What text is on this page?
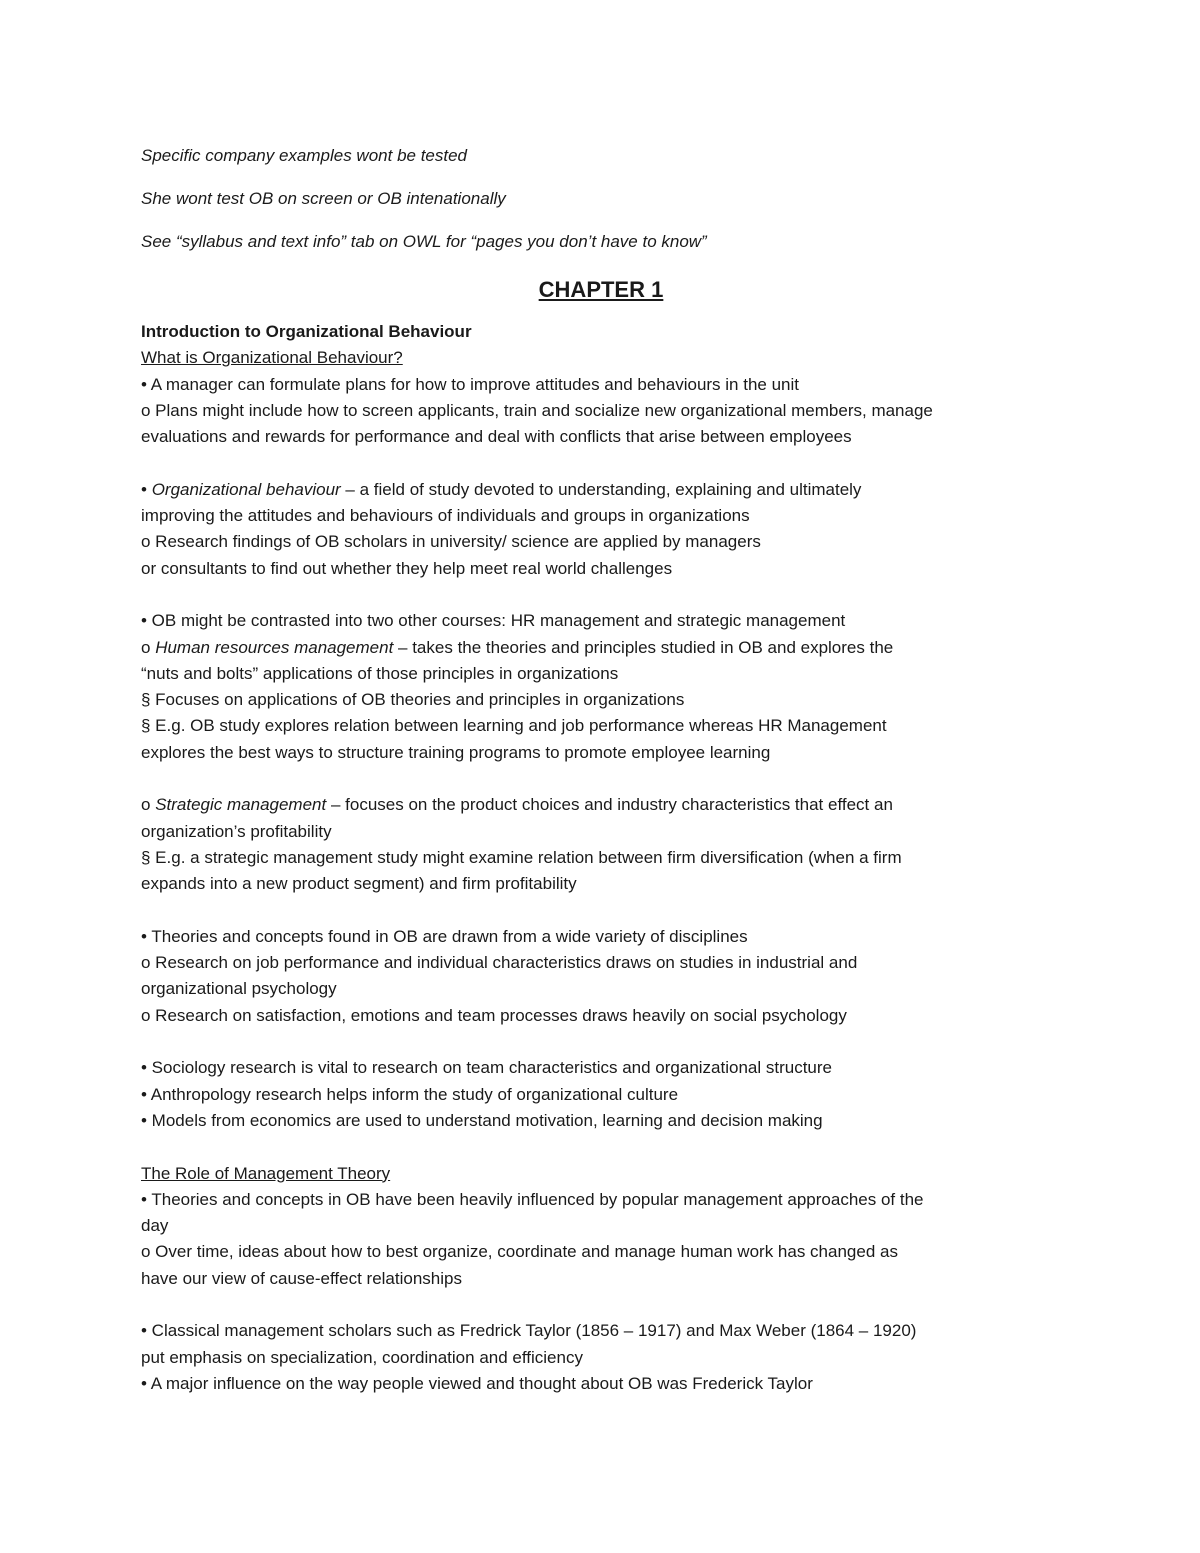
Specific company examples wont be tested
She wont test OB on screen or OB intenationally
See “syllabus and text info” tab on OWL for “pages you don’t have to know”
CHAPTER 1
Introduction to Organizational Behaviour
What is Organizational Behaviour?
• A manager can formulate plans for how to improve attitudes and behaviours in the unit
o Plans might include how to screen applicants, train and socialize new organizational members, manage
evaluations and rewards for performance and deal with conflicts that arise between employees
• Organizational behaviour – a field of study devoted to understanding, explaining and ultimately
improving the attitudes and behaviours of individuals and groups in organizations
o Research findings of OB scholars in university/ science are applied by managers
or consultants to find out whether they help meet real world challenges
• OB might be contrasted into two other courses: HR management and strategic management
o Human resources management – takes the theories and principles studied in OB and explores the
“nuts and bolts” applications of those principles in organizations
§ Focuses on applications of OB theories and principles in organizations
§ E.g. OB study explores relation between learning and job performance whereas HR Management
explores the best ways to structure training programs to promote employee learning
o Strategic management – focuses on the product choices and industry characteristics that effect an
organization’s profitability
§ E.g. a strategic management study might examine relation between firm diversification (when a firm
expands into a new product segment) and firm profitability
• Theories and concepts found in OB are drawn from a wide variety of disciplines
o Research on job performance and individual characteristics draws on studies in industrial and
organizational psychology
o Research on satisfaction, emotions and team processes draws heavily on social psychology
• Sociology research is vital to research on team characteristics and organizational structure
• Anthropology research helps inform the study of organizational culture
• Models from economics are used to understand motivation, learning and decision making
The Role of Management Theory
• Theories and concepts in OB have been heavily influenced by popular management approaches of the
day
o Over time, ideas about how to best organize, coordinate and manage human work has changed as
have our view of cause-effect relationships
• Classical management scholars such as Fredrick Taylor (1856 – 1917) and Max Weber (1864 – 1920)
put emphasis on specialization, coordination and efficiency
• A major influence on the way people viewed and thought about OB was Frederick Taylor
